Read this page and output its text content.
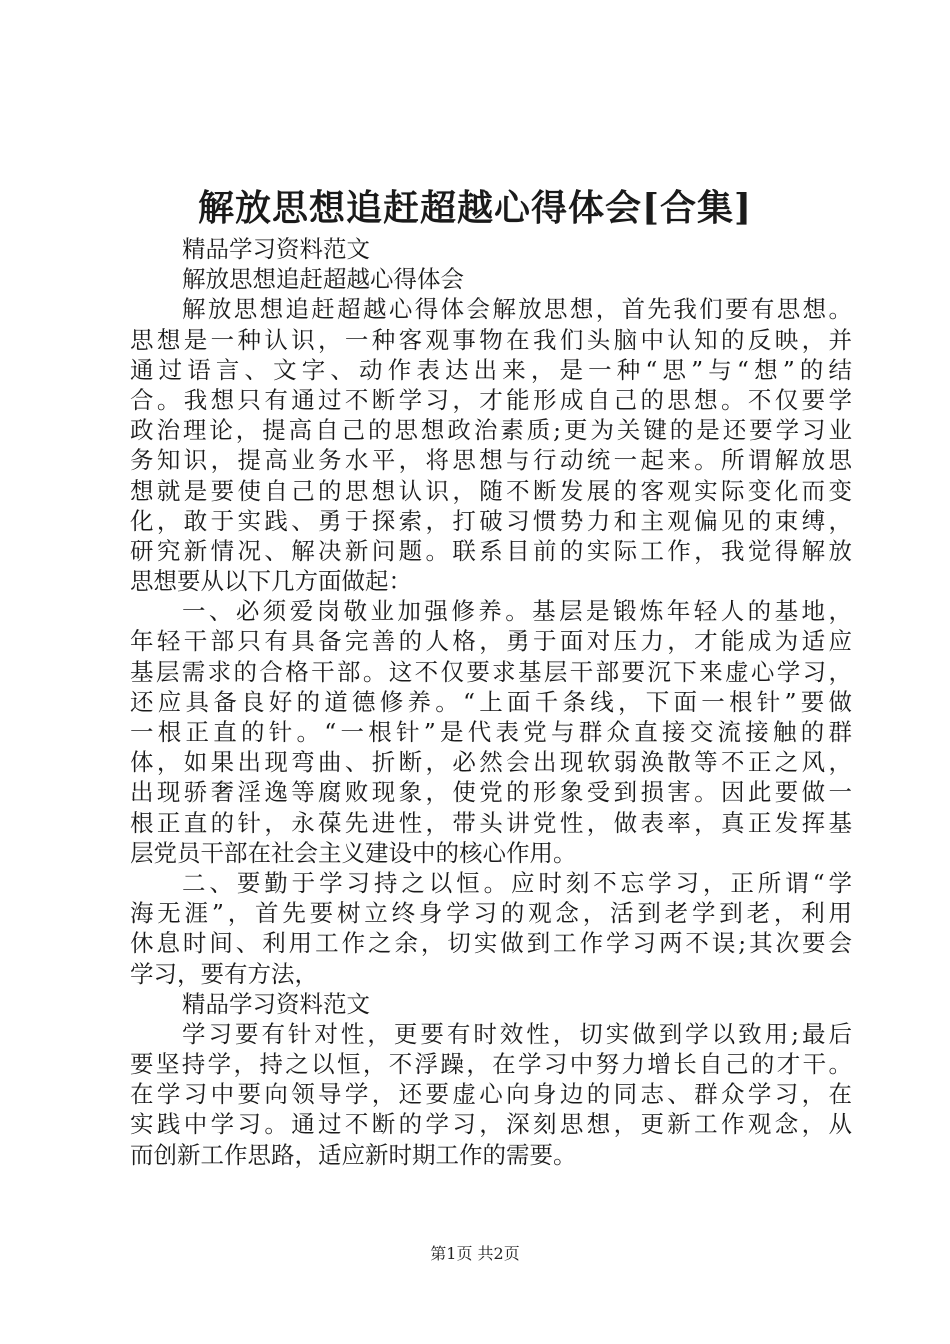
解放思想追赶超越心得体会[合集]
精品学习资料范文
解放思想追赶超越心得体会
解放思想追赶超越心得体会解放思想，首先我们要有思想。
思想是一种认识，一种客观事物在我们头脑中认知的反映，并
通过语言、文字、动作表达出来，是一种“思”与“想”的结
合。我想只有通过不断学习，才能形成自己的思想。不仅要学
政治理论，提高自己的思想政治素质;更为关键的是还要学习业
务知识，提高业务水平，将思想与行动统一起来。所谓解放思
想就是要使自己的思想认识，随不断发展的客观实际变化而变
化，敢于实践、勇于探索，打破习惯势力和主观偏见的束缚，
研究新情况、解决新问题。联系目前的实际工作，我觉得解放
思想要从以下几方面做起：
一、必须爱岗敬业加强修养。基层是锻炼年轻人的基地，
年轻干部只有具备完善的人格，勇于面对压力，才能成为适应
基层需求的合格干部。这不仅要求基层干部要沉下来虚心学习，
还应具备良好的道德修养。“上面千条线，下面一根针”要做
一根正直的针。“一根针”是代表党与群众直接交流接触的群
体，如果出现弯曲、折断，必然会出现软弱涣散等不正之风，
出现骄奢淫逸等腐败现象，使党的形象受到损害。因此要做一
根正直的针，永葆先进性，带头讲党性，做表率，真正发挥基
层党员干部在社会主义建设中的核心作用。
二、要勤于学习持之以恒。应时刻不忘学习，正所谓“学
海无涯”，首先要树立终身学习的观念，活到老学到老，利用
休息时间、利用工作之余，切实做到工作学习两不误;其次要会
学习，要有方法，
精品学习资料范文
学习要有针对性，更要有时效性，切实做到学以致用;最后
要坚持学，持之以恒，不浮躁，在学习中努力增长自己的才干。
在学习中要向领导学，还要虚心向身边的同志、群众学习，在
实践中学习。通过不断的学习，深刻思想，更新工作观念，从
而创新工作思路，适应新时期工作的需要。
第1页 共2页
